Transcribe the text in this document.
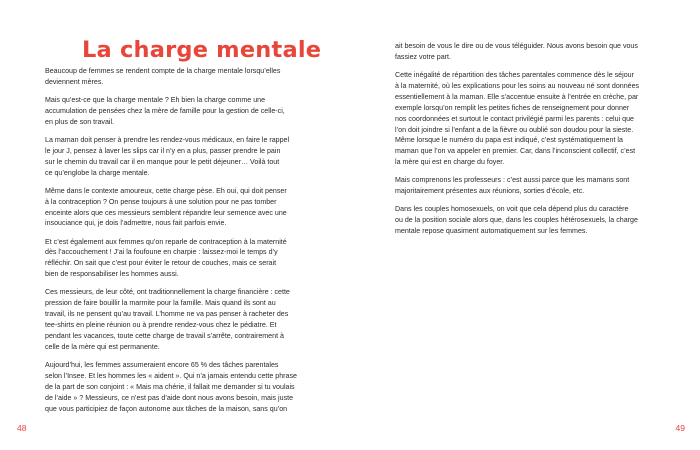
La charge mentale

Beaucoup de femmes se rendent compte de la charge mentale lorsqu’elles
deviennent mères.

Mais qu’est-ce que la charge mentale ? Eh bien la charge comme une
accumulation de pensées chez la mère de famille pour la gestion de celle-ci,
en plus de son travail.

La maman doit penser à prendre les rendez-vous médicaux, en faire le rappel
le jour J, pensez à laver les slips car il n’y en a plus, passer prendre le pain
sur le chemin du travail car il en manque pour le petit déjeuner… Voilà tout
ce qu’englobe la charge mentale.

Même dans le contexte amoureux, cette charge pèse. Eh oui, qui doit penser
à la contraception ? On pense toujours à une solution pour ne pas tomber
enceinte alors que ces messieurs semblent répandre leur semence avec une
insouciance qui, je dois l’admettre, nous fait parfois envie.

Et c’est également aux femmes qu’on reparle de contraception à la maternité
dès l’accouchement ! J’ai la foufoune en charpie : laissez-moi le temps d’y
réfléchir. On sait que c’est pour éviter le retour de couches, mais ce serait
bien de responsabiliser les hommes aussi.

Ces messieurs, de leur côté, ont traditionnellement la charge financière : cette
pression de faire bouillir la marmite pour la famille. Mais quand ils sont au
travail, ils ne pensent qu’au travail. L’homme ne va pas penser à racheter des
tee-shirts en pleine réunion ou à prendre rendez-vous chez le pédiatre. Et
pendant les vacances, toute cette charge de travail s’arrête, contrairement à
celle de la mère qui est permanente.

Aujourd’hui, les femmes assumeraient encore 65 % des tâches parentales
selon l’Insee. Et les hommes les « aident ». Qui n’a jamais entendu cette phrase
de la part de son conjoint : « Mais ma chérie, il fallait me demander si tu voulais
de l’aide » ? Messieurs, ce n’est pas d’aide dont nous avons besoin, mais juste
que vous participiez de façon autonome aux tâches de la maison, sans qu’on

48

ait besoin de vous le dire ou de vous téléguider. Nous avons besoin que vous
fassiez votre part.

Cette inégalité de répartition des tâches parentales commence dès le séjour
à la maternité, où les explications pour les soins au nouveau né sont données
essentiellement à la maman. Elle s’accentue ensuite à l’entrée en crèche, par
exemple lorsqu’on remplit les petites fiches de renseignement pour donner
nos coordonnées et surtout le contact privilégié parmi les parents : celui que
l’on doit joindre si l’enfant a de la fièvre ou oublié son doudou pour la sieste.
Même lorsque le numéro du papa est indiqué, c’est systématiquement la
maman que l’on va appeler en premier. Car, dans l’inconscient collectif, c’est
la mère qui est en charge du foyer.

Mais comprenons les professeurs : c’est aussi parce que les mamans sont
majoritairement présentes aux réunions, sorties d’école, etc.

Dans les couples homosexuels, on voit que cela dépend plus du caractère
ou de la position sociale alors que, dans les couples hétérosexuels, la charge
mentale repose quasiment automatiquement sur les femmes.

49
